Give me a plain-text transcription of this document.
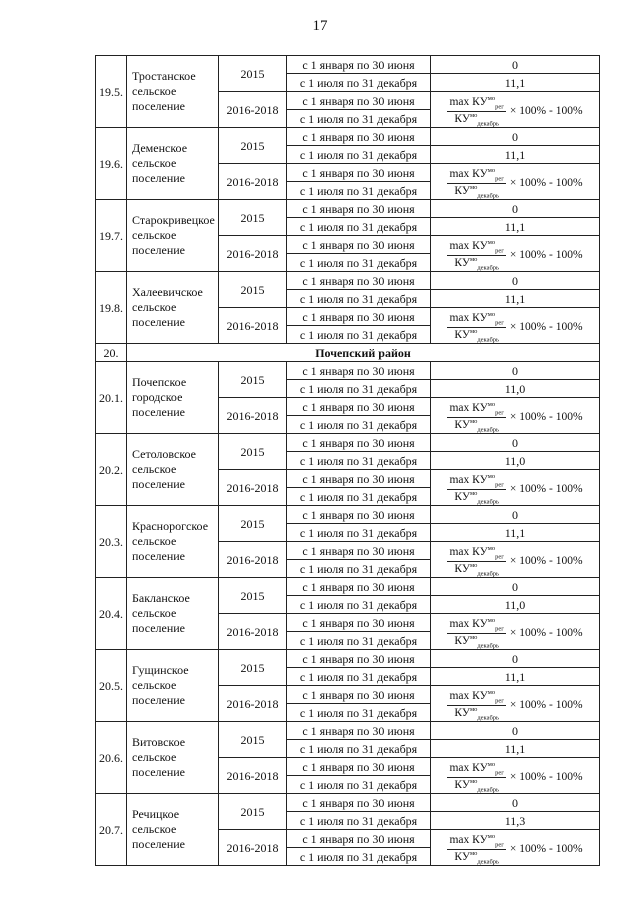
17
19.5.	Тростанское
сельское
поселение	2015	с 1 января по 30 июня	0
			с 1 июля по 31 декабря	11,1
		2016-2018	с 1 января по 30 июня	$\frac{\max КУ^{мо}_{рег}}{КУ^{мо}_{декабрь}} \times 100\% - 100\%$

			с 1 июля по 31 декабря	
19.6.	Деменское
сельское
поселение	2015	с 1 января по 30 июня	0
			с 1 июля по 31 декабря	11,1
		2016-2018	с 1 января по 30 июня	$\frac{\max КУ^{мо}_{рег}}{КУ^{мо}_{декабрь}} \times 100\% - 100\%$

			с 1 июля по 31 декабря	
19.7.	Старокривецкое
сельское
поселение	2015	с 1 января по 30 июня	0
			с 1 июля по 31 декабря	11,1
		2016-2018	с 1 января по 30 июня	$\frac{\max КУ^{мо}_{рег}}{КУ^{мо}_{декабрь}} \times 100\% - 100\%$

			с 1 июля по 31 декабря	
19.8.	Халеевичское
сельское
поселение	2015	с 1 января по 30 июня	0
			с 1 июля по 31 декабря	11,1
		2016-2018	с 1 января по 30 июня	$\frac{\max КУ^{мо}_{рег}}{КУ^{мо}_{декабрь}} \times 100\% - 100\%$

			с 1 июля по 31 декабря	
20.	Почепский район			
20.1.	Почепское
городское
поселение	2015	с 1 января по 30 июня	0
			с 1 июля по 31 декабря	11,0
		2016-2018	с 1 января по 30 июня	$\frac{\max КУ^{мо}_{рег}}{КУ^{мо}_{декабрь}} \times 100\% - 100\%$

			с 1 июля по 31 декабря	
20.2.	Сетоловское
сельское
поселение	2015	с 1 января по 30 июня	0
			с 1 июля по 31 декабря	11,0
		2016-2018	с 1 января по 30 июня	$\frac{\max КУ^{мо}_{рег}}{КУ^{мо}_{декабрь}} \times 100\% - 100\%$

			с 1 июля по 31 декабря	
20.3.	Краснорогское
сельское
поселение	2015	с 1 января по 30 июня	0
			с 1 июля по 31 декабря	11,1
		2016-2018	с 1 января по 30 июня	$\frac{\max КУ^{мо}_{рег}}{КУ^{мо}_{декабрь}} \times 100\% - 100\%$

			с 1 июля по 31 декабря	
20.4.	Бакланское
сельское
поселение	2015	с 1 января по 30 июня	0
			с 1 июля по 31 декабря	11,0
		2016-2018	с 1 января по 30 июня	$\frac{\max КУ^{мо}_{рег}}{КУ^{мо}_{декабрь}} \times 100\% - 100\%$

			с 1 июля по 31 декабря	
20.5.	Гущинское
сельское
поселение	2015	с 1 января по 30 июня	0
			с 1 июля по 31 декабря	11,1
		2016-2018	с 1 января по 30 июня	$\frac{\max КУ^{мо}_{рег}}{КУ^{мо}_{декабрь}} \times 100\% - 100\%$

			с 1 июля по 31 декабря	
20.6.	Витовское
сельское
поселение	2015	с 1 января по 30 июня	0
			с 1 июля по 31 декабря	11,1
		2016-2018	с 1 января по 30 июня	$\frac{\max КУ^{мо}_{рег}}{КУ^{мо}_{декабрь}} \times 100\% - 100\%$

			с 1 июля по 31 декабря	
20.7.	Речицкое
сельское
поселение	2015	с 1 января по 30 июня	0
			с 1 июля по 31 декабря	11,3
		2016-2018	с 1 января по 30 июня	$\frac{\max КУ^{мо}_{рег}}{КУ^{мо}_{декабрь}} \times 100\% - 100\%$

			с 1 июля по 31 декабря	
